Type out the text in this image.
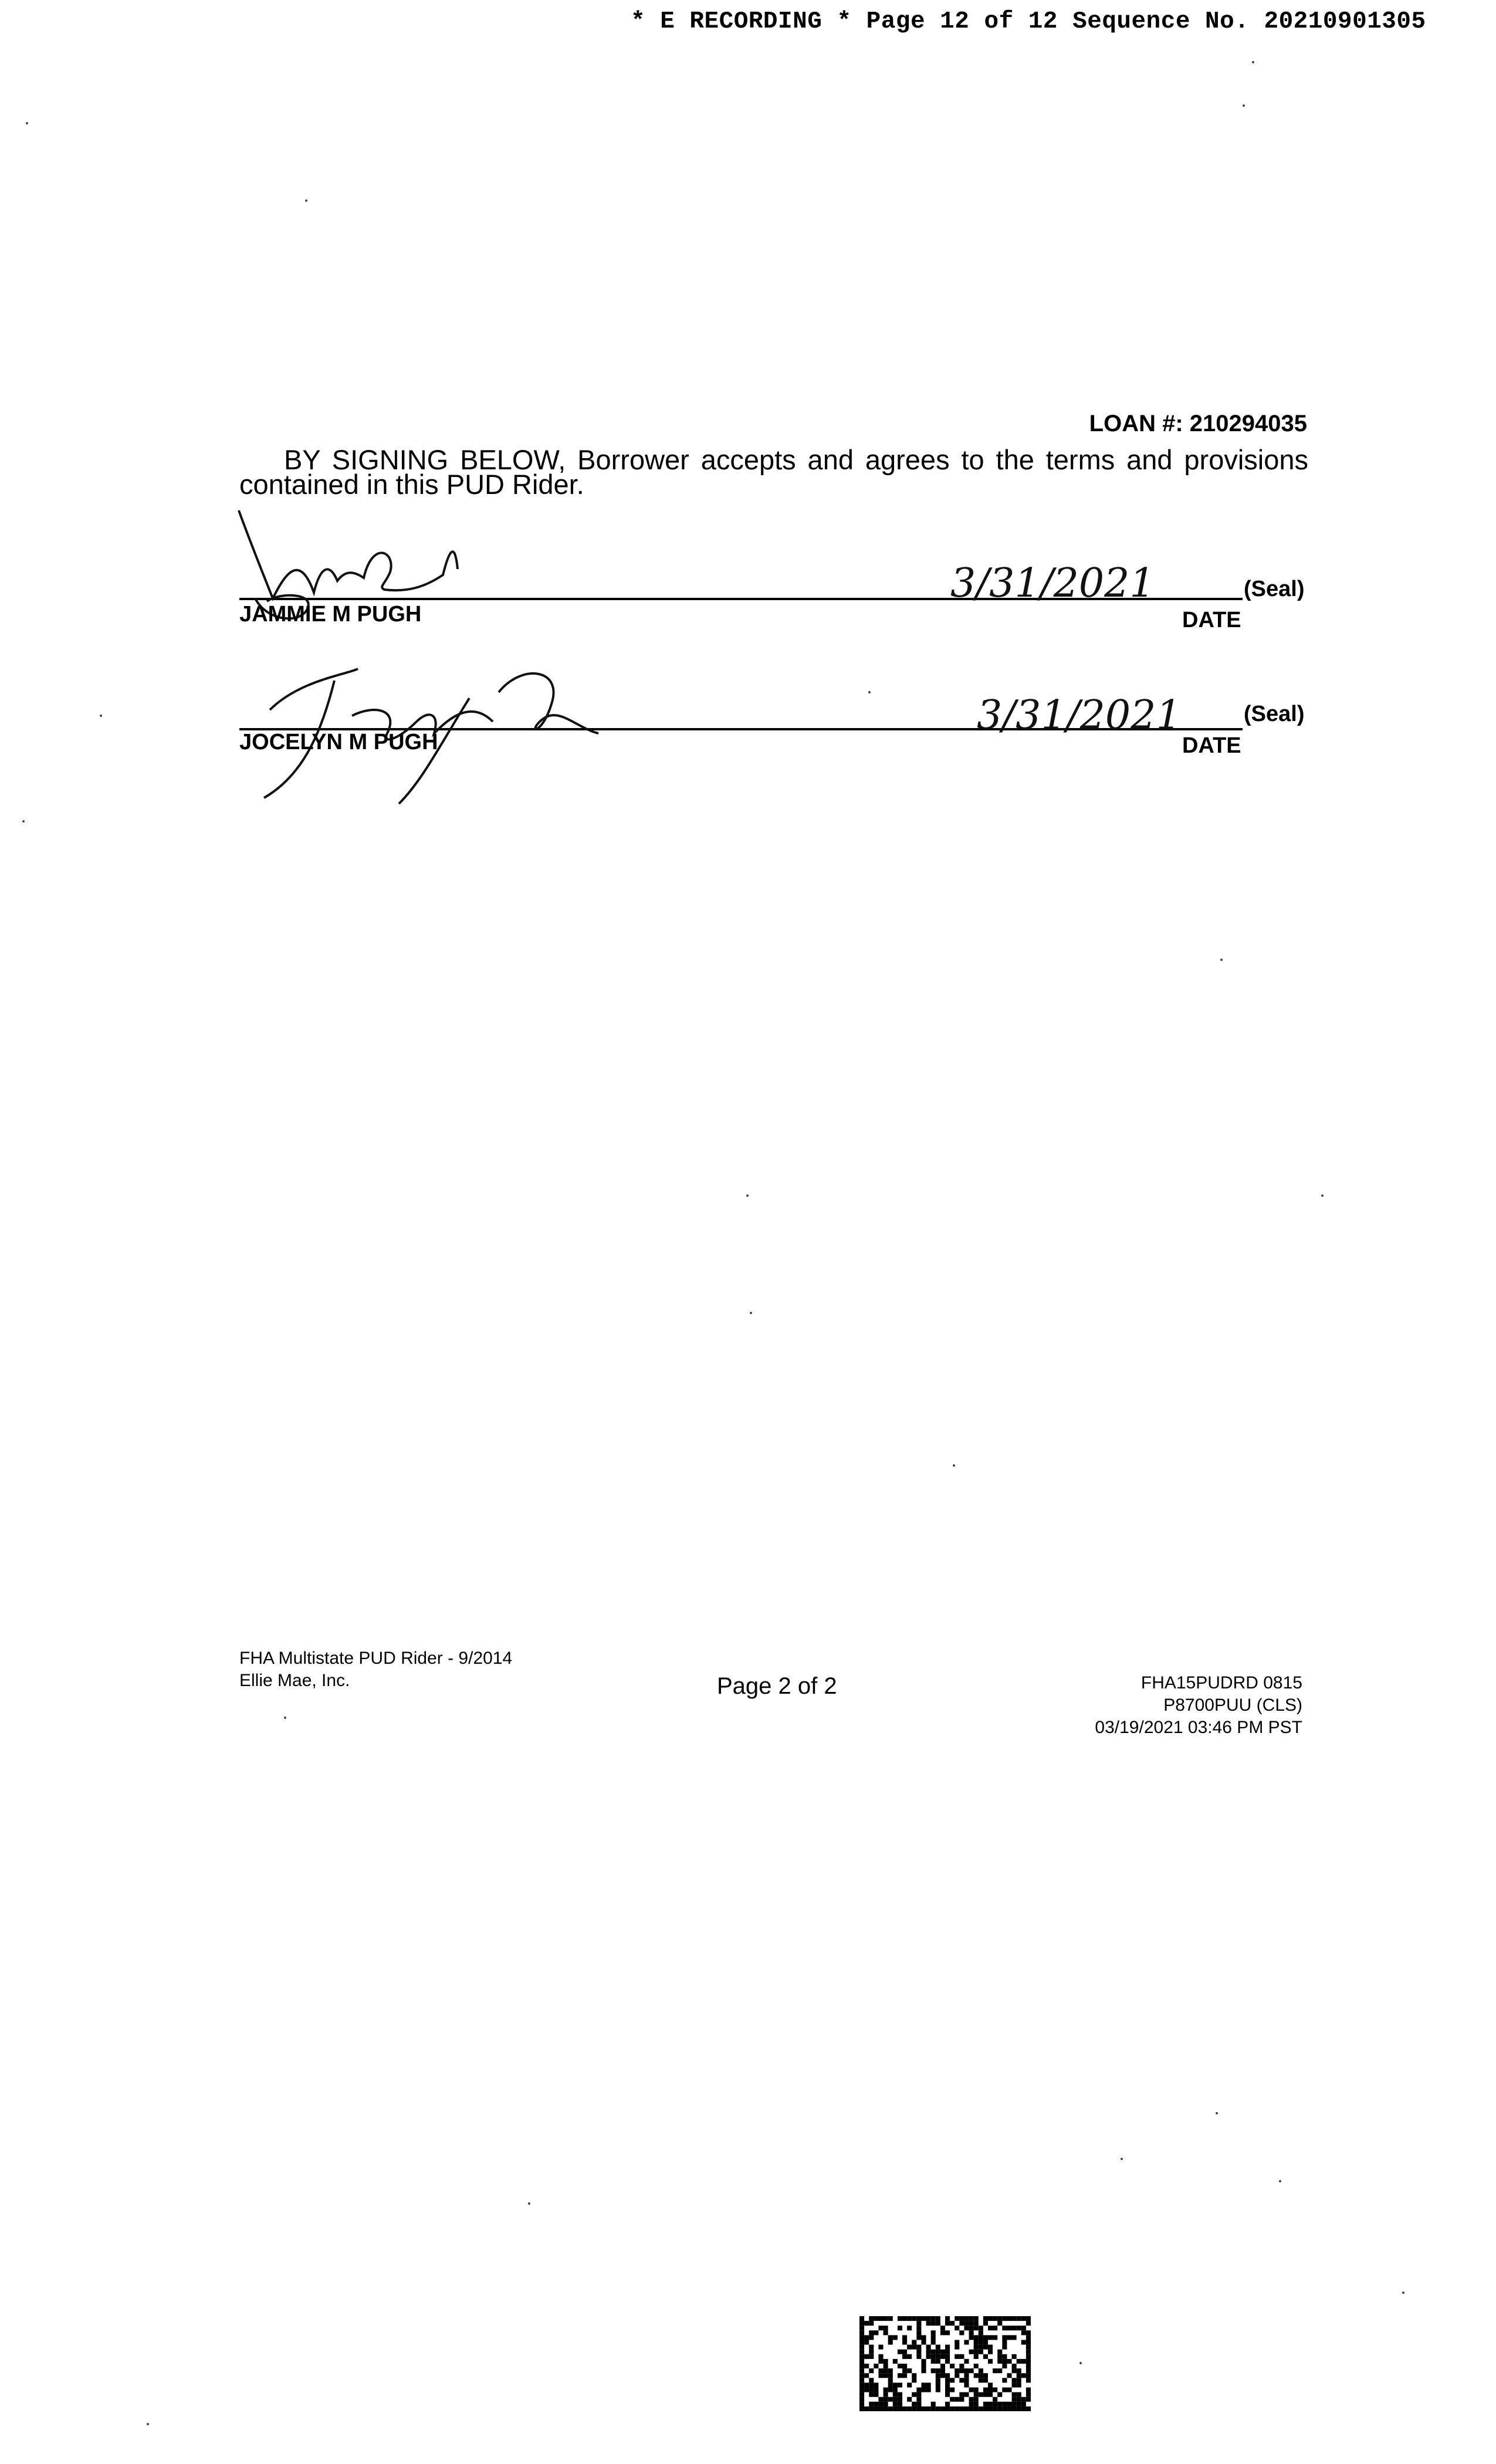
* E RECORDING * Page 12 of 12 Sequence No. 20210901305
LOAN #: 210294035
BY SIGNING BELOW, Borrower accepts and agrees to the terms and provisions contained in this PUD Rider.
3/31/2021	(Seal)
JAMMIE M PUGH	DATE
3/31/2021	(Seal)
JOCELYN M PUGH	DATE
FHA Multistate PUD Rider - 9/2014
Ellie Mae, Inc.	Page 2 of 2	FHA15PUDRD 0815
P8700PUU (CLS)
03/19/2021 03:46 PM PST
